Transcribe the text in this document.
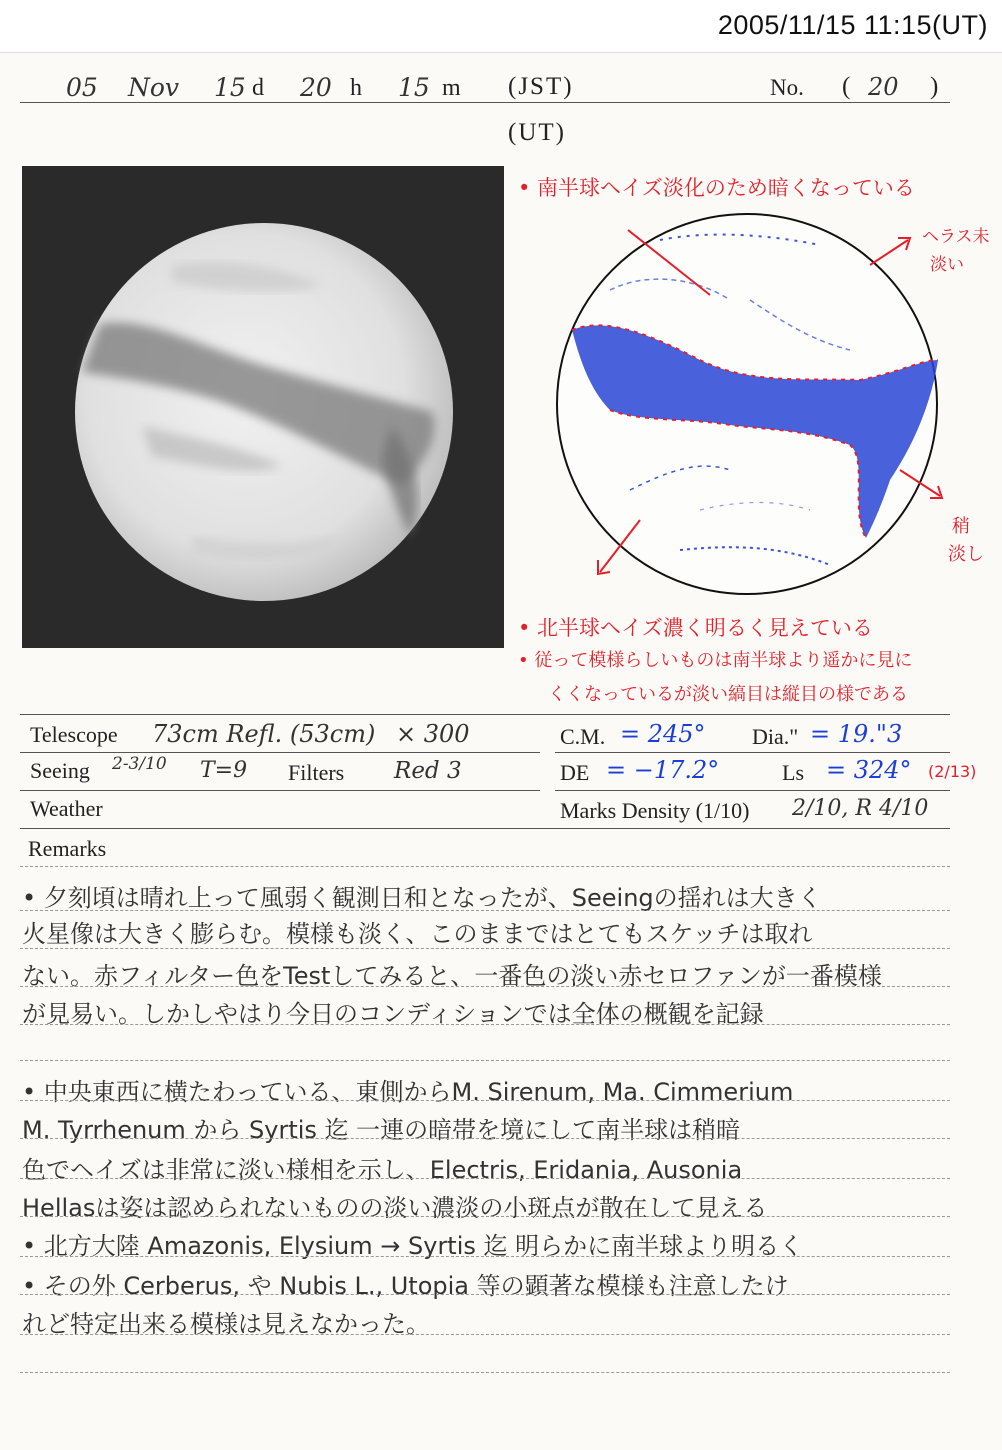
2005/11/15 11:15(UT)
05 Nov 15 d 20 h 15 m (JST)	No. ( 20 )
(UT)
• 南半球ヘイズ淡化のため暗くなっている
ヘラス未
淡い
稍
淡し
• 北半球ヘイズ濃く明るく見えている
• 従って模様らしいものは南半球より遥かに見に
くくなっているが淡い縞目は縦目の様である
Telescope 73cm Refl. (53cm) × 300	C.M. = 245° Dia." = 19."3
Seeing 2-3/10 T=9 Filters Red 3	DE = −17.2°	Ls = 324° (2/13)
Weather	Marks Density (1/10) 2/10, R 4/10
Remarks
• 夕刻頃は晴れ上って風弱く観測日和となったが、Seeingの揺れは大きく
火星像は大きく膨らむ。模様も淡く、このままではとてもスケッチは取れ
ない。赤フィルター色をTestしてみると、一番色の淡い赤セロファンが一番模様
が見易い。しかしやはり今日のコンディションでは全体の概観を記録
• 中央東西に横たわっている、東側からM. Sirenum, Ma. Cimmerium
M. Tyrrhenum から Syrtis 迄 一連の暗帯を境にして南半球は稍暗
色でヘイズは非常に淡い様相を示し、Electris, Eridania, Ausonia
Hellasは姿は認められないものの淡い濃淡の小斑点が散在して見える
• 北方大陸 Amazonis, Elysium → Syrtis 迄 明らかに南半球より明るく
• その外 Cerberus, や Nubis L., Utopia 等の顕著な模様も注意したけ
れど特定出来る模様は見えなかった。
